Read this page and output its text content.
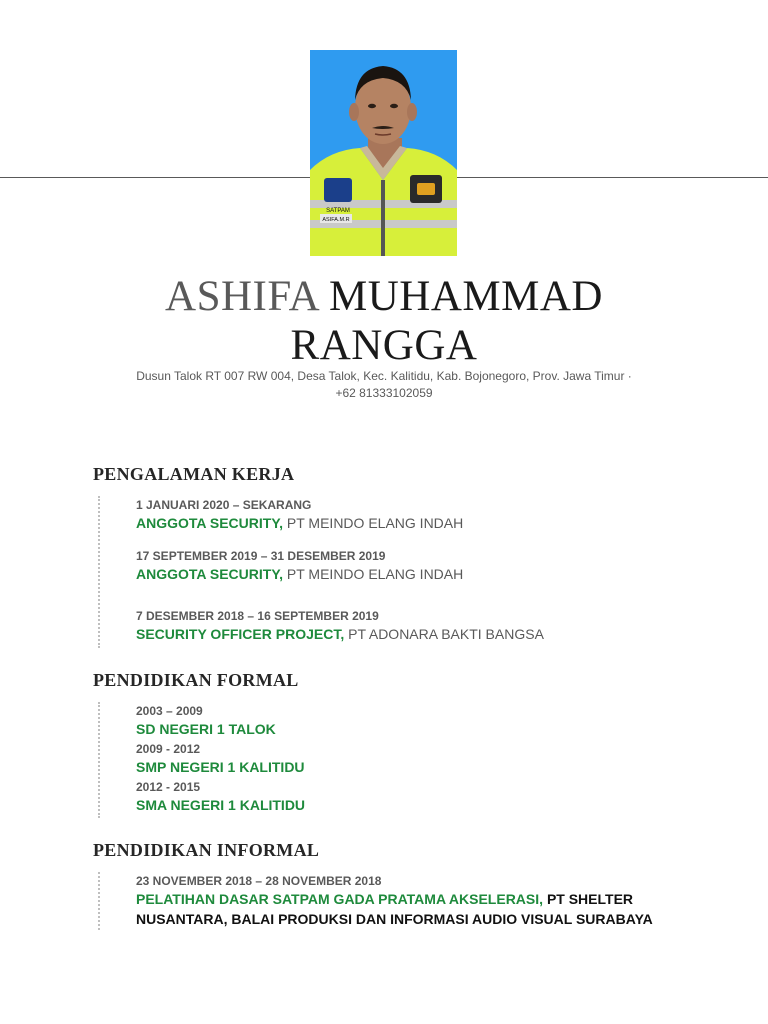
SATPAM
ASIFA.M.R
ASHIFA MUHAMMAD
RANGGA
Dusun Talok RT 007 RW 004, Desa Talok, Kec. Kalitidu, Kab. Bojonegoro, Prov. Jawa Timur ·
+62 81333102059
PENGALAMAN KERJA
1 JANUARI 2020 – SEKARANG
ANGGOTA SECURITY, PT MEINDO ELANG INDAH
17 SEPTEMBER 2019 – 31 DESEMBER 2019
ANGGOTA SECURITY, PT MEINDO ELANG INDAH
7 DESEMBER 2018 – 16 SEPTEMBER 2019
SECURITY OFFICER PROJECT, PT ADONARA BAKTI BANGSA
PENDIDIKAN FORMAL
2003 – 2009
SD NEGERI 1 TALOK
2009 - 2012
SMP NEGERI 1 KALITIDU
2012 - 2015
SMA NEGERI 1 KALITIDU
PENDIDIKAN INFORMAL
23 NOVEMBER 2018 – 28 NOVEMBER 2018
PELATIHAN DASAR SATPAM GADA PRATAMA AKSELERASI, PT SHELTER
NUSANTARA, BALAI PRODUKSI DAN INFORMASI AUDIO VISUAL SURABAYA
